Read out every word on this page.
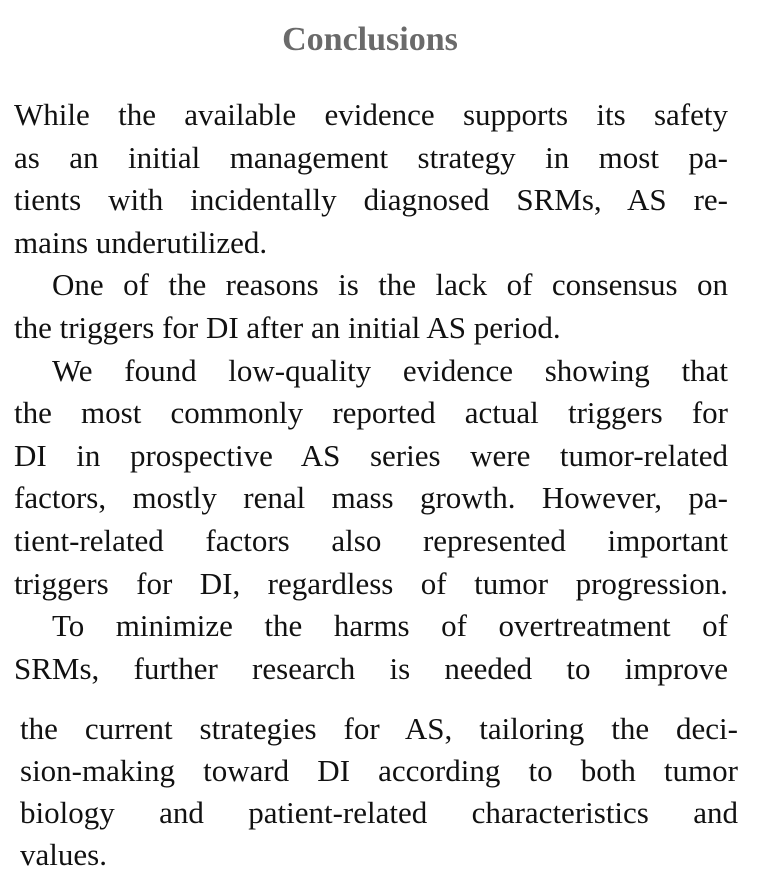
Conclusions
While the available evidence supports its safety
as an initial management strategy in most pa-
tients with incidentally diagnosed SRMs, AS re-
mains underutilized.
One of the reasons is the lack of consensus on
the triggers for DI after an initial AS period.
We found low-quality evidence showing that
the most commonly reported actual triggers for
DI in prospective AS series were tumor-related
factors, mostly renal mass growth. However, pa-
tient-related factors also represented important
triggers for DI, regardless of tumor progression.
To minimize the harms of overtreatment of
SRMs, further research is needed to improve
the current strategies for AS, tailoring the deci-
sion-making toward DI according to both tumor
biology and patient-related characteristics and
values.
